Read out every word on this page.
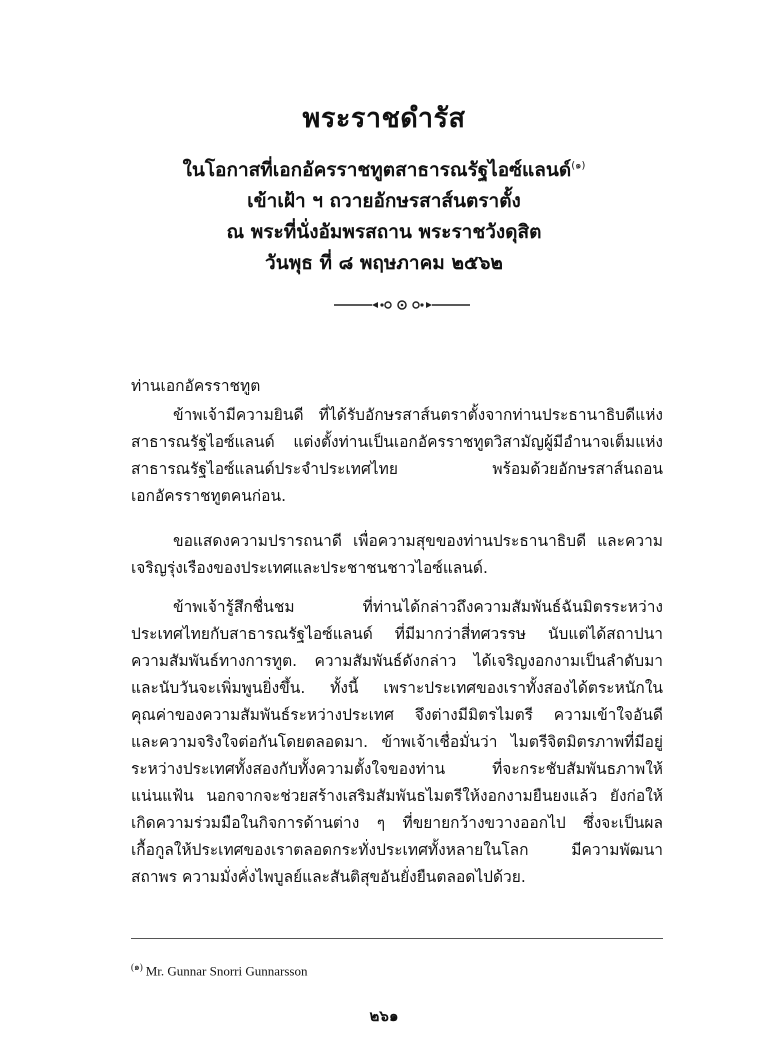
พระราชดำรัส
ในโอกาสที่เอกอัครราชทูตสาธารณรัฐไอซ์แลนด์$^{(๑)}$
เข้าเฝ้า ฯ ถวายอักษรสาส์นตราตั้ง
ณ พระที่นั่งอัมพรสถาน พระราชวังดุสิต
วันพุธ ที่ ๘ พฤษภาคม ๒๕๖๒
ท่านเอกอัครราชทูต

ข้าพเจ้ามีความยินดี ที่ได้รับอักษรสาส์นตราตั้งจากท่านประธานาธิบดีแห่งสาธารณรัฐไอซ์แลนด์ แต่งตั้งท่านเป็นเอกอัครราชทูตวิสามัญผู้มีอำนาจเต็มแห่งสาธารณรัฐไอซ์แลนด์ประจำประเทศไทย พร้อมด้วยอักษรสาส์นถอนเอกอัครราชทูตคนก่อน.

ขอแสดงความปรารถนาดี เพื่อความสุขของท่านประธานาธิบดี และความเจริญรุ่งเรืองของประเทศและประชาชนชาวไอซ์แลนด์.

ข้าพเจ้ารู้สึกชื่นชม ที่ท่านได้กล่าวถึงความสัมพันธ์ฉันมิตรระหว่างประเทศไทยกับสาธารณรัฐไอซ์แลนด์ ที่มีมากว่าสี่ทศวรรษ นับแต่ได้สถาปนาความสัมพันธ์ทางการทูต. ความสัมพันธ์ดังกล่าว ได้เจริญงอกงามเป็นลำดับมา และนับวันจะเพิ่มพูนยิ่งขึ้น. ทั้งนี้ เพราะประเทศของเราทั้งสองได้ตระหนักในคุณค่าของความสัมพันธ์ระหว่างประเทศ จึงต่างมีมิตรไมตรี ความเข้าใจอันดี และความจริงใจต่อกันโดยตลอดมา. ข้าพเจ้าเชื่อมั่นว่า ไมตรีจิตมิตรภาพที่มีอยู่ระหว่างประเทศทั้งสองกับทั้งความตั้งใจของท่าน ที่จะกระชับสัมพันธภาพให้แน่นแฟ้น นอกจากจะช่วยสร้างเสริมสัมพันธไมตรีให้งอกงามยืนยงแล้ว ยังก่อให้เกิดความร่วมมือในกิจการด้านต่าง ๆ ที่ขยายกว้างขวางออกไป ซึ่งจะเป็นผลเกื้อกูลให้ประเทศของเราตลอดกระทั่งประเทศทั้งหลายในโลก มีความพัฒนาสถาพร ความมั่งคั่งไพบูลย์และสันติสุขอันยั่งยืนตลอดไปด้วย.

$^{(๑)}$ Mr. Gunnar Snorri Gunnarsson
๒๖๑
